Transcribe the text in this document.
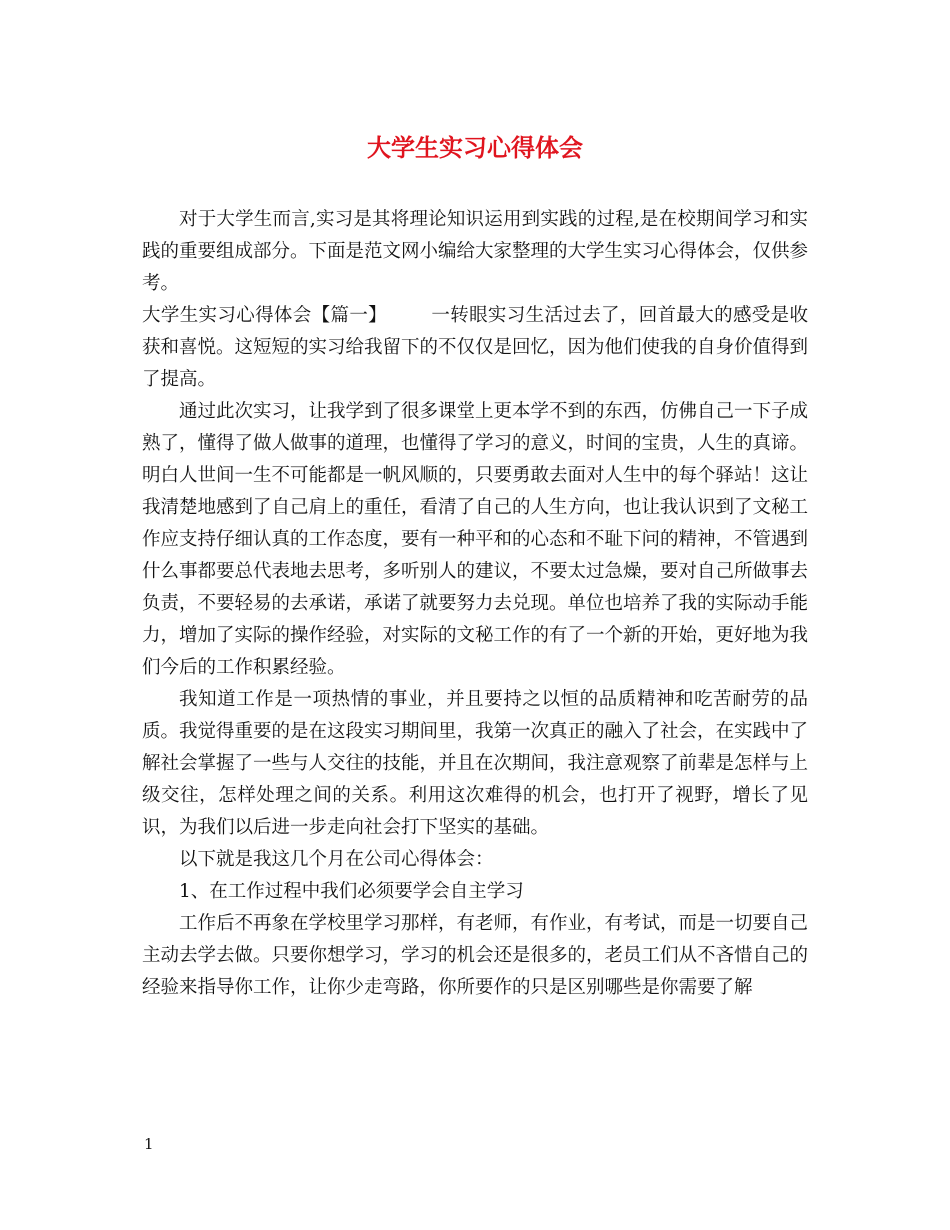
大学生实习心得体会

对于大学生而言,实习是其将理论知识运用到实践的过程,是在校期间学习和实践的重要组成部分。下面是范文网小编给大家整理的大学生实习心得体会，仅供参考。

大学生实习心得体会【篇一】 一转眼实习生活过去了，回首最大的感受是收获和喜悦。这短短的实习给我留下的不仅仅是回忆，因为他们使我的自身价值得到了提高。

通过此次实习，让我学到了很多课堂上更本学不到的东西，仿佛自己一下子成熟了，懂得了做人做事的道理，也懂得了学习的意义，时间的宝贵，人生的真谛。明白人世间一生不可能都是一帆风顺的，只要勇敢去面对人生中的每个驿站！这让我清楚地感到了自己肩上的重任，看清了自己的人生方向，也让我认识到了文秘工作应支持仔细认真的工作态度，要有一种平和的心态和不耻下问的精神，不管遇到什么事都要总代表地去思考，多听别人的建议，不要太过急燥，要对自己所做事去负责，不要轻易的去承诺，承诺了就要努力去兑现。单位也培养了我的实际动手能力，增加了实际的操作经验，对实际的文秘工作的有了一个新的开始，更好地为我们今后的工作积累经验。

我知道工作是一项热情的事业，并且要持之以恒的品质精神和吃苦耐劳的品质。我觉得重要的是在这段实习期间里，我第一次真正的融入了社会，在实践中了解社会掌握了一些与人交往的技能，并且在次期间，我注意观察了前辈是怎样与上级交往，怎样处理之间的关系。利用这次难得的机会，也打开了视野，增长了见识，为我们以后进一步走向社会打下坚实的基础。

以下就是我这几个月在公司心得体会：

1、在工作过程中我们必须要学会自主学习

工作后不再象在学校里学习那样，有老师，有作业，有考试，而是一切要自己主动去学去做。只要你想学习，学习的机会还是很多的，老员工们从不吝惜自己的经验来指导你工作，让你少走弯路，你所要作的只是区别哪些是你需要了解

1
